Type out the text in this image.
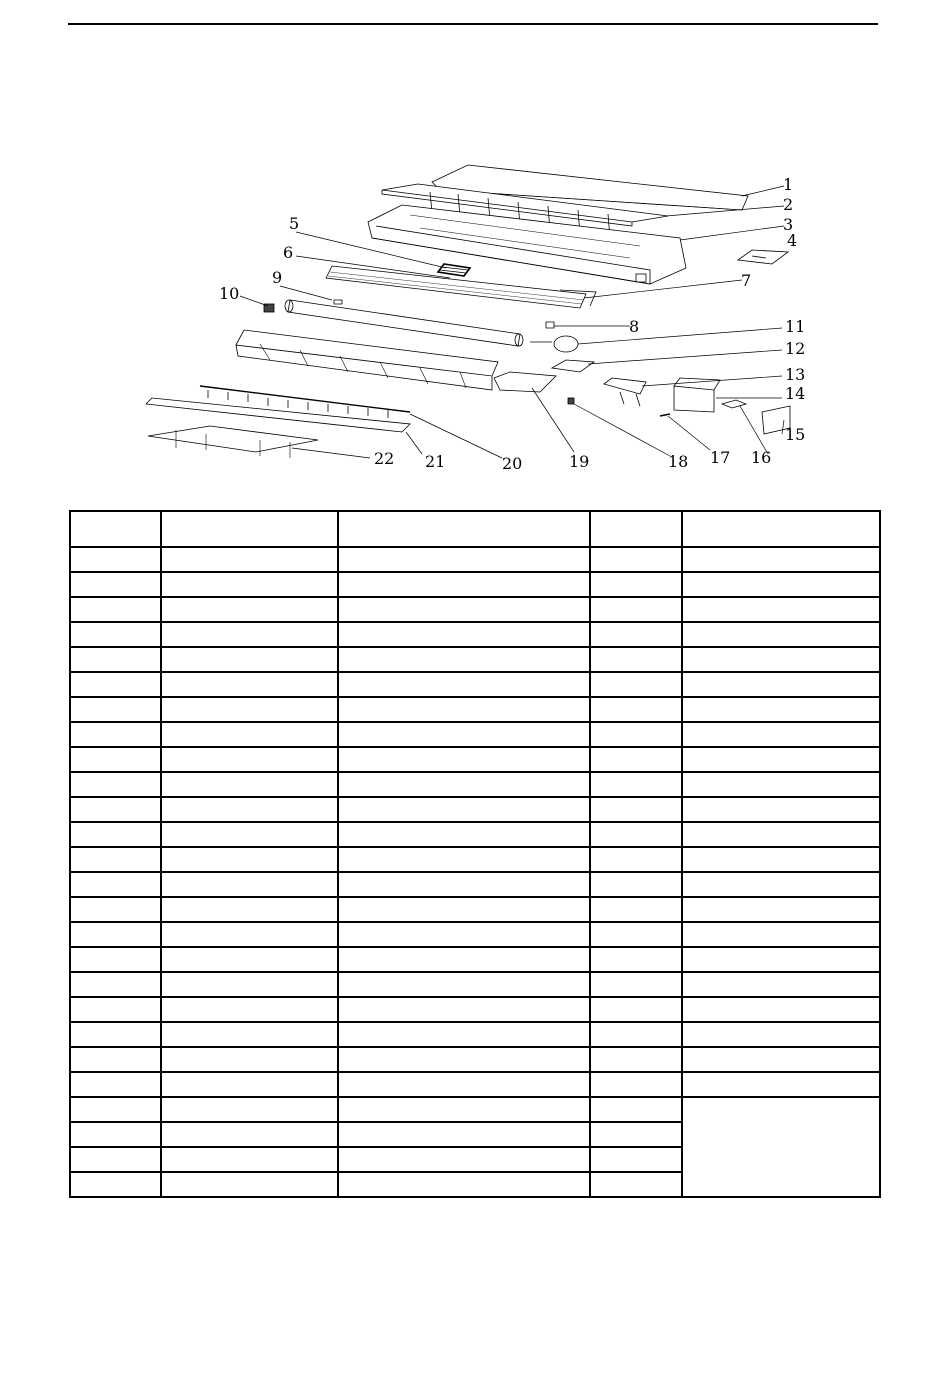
1
2
3
4
5
6
7
8
9
10
11
12
13
14
15
16
17
18
19
20
21
22
